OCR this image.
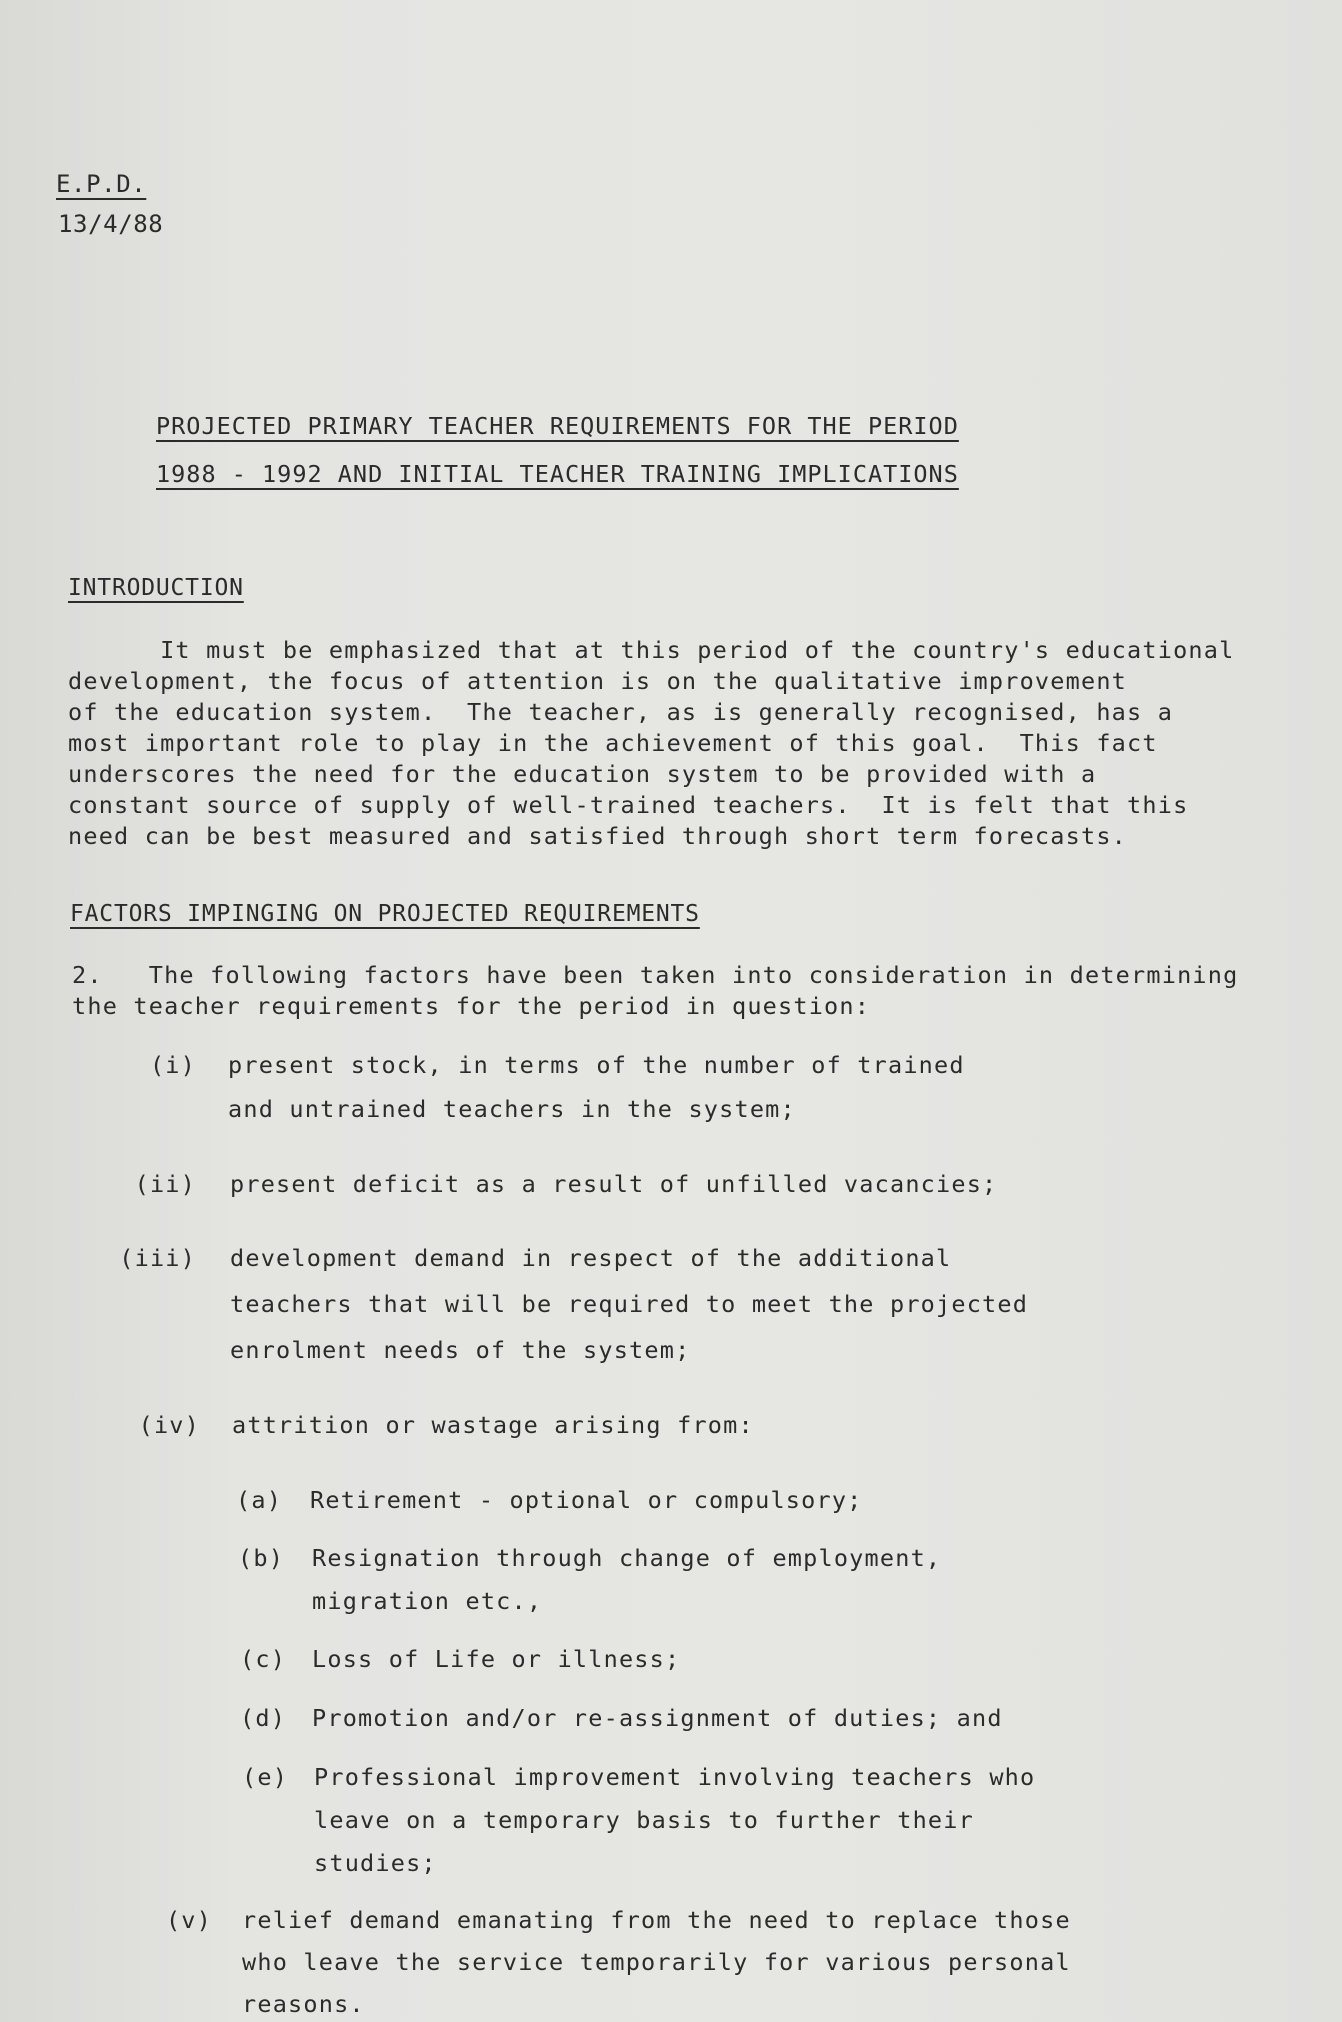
E.P.D.
13/4/88
PROJECTED PRIMARY TEACHER REQUIREMENTS FOR THE PERIOD
1988 - 1992 AND INITIAL TEACHER TRAINING IMPLICATIONS
INTRODUCTION
It must be emphasized that at this period of the country's educational
development, the focus of attention is on the qualitative improvement
of the education system.  The teacher, as is generally recognised, has a
most important role to play in the achievement of this goal.  This fact
underscores the need for the education system to be provided with a
constant source of supply of well-trained teachers.  It is felt that this
need can be best measured and satisfied through short term forecasts.
FACTORS IMPINGING ON PROJECTED REQUIREMENTS
2.   The following factors have been taken into consideration in determining
the teacher requirements for the period in question:
(i) present stock, in terms of the number of trained
and untrained teachers in the system;
(ii) present deficit as a result of unfilled vacancies;
(iii) development demand in respect of the additional
teachers that will be required to meet the projected
enrolment needs of the system;
(iv) attrition or wastage arising from:
(a) Retirement - optional or compulsory;
(b) Resignation through change of employment,
migration etc.,
(c) Loss of Life or illness;
(d) Promotion and/or re-assignment of duties; and
(e) Professional improvement involving teachers who
leave on a temporary basis to further their
studies;
(v) relief demand emanating from the need to replace those
who leave the service temporarily for various personal
reasons.
